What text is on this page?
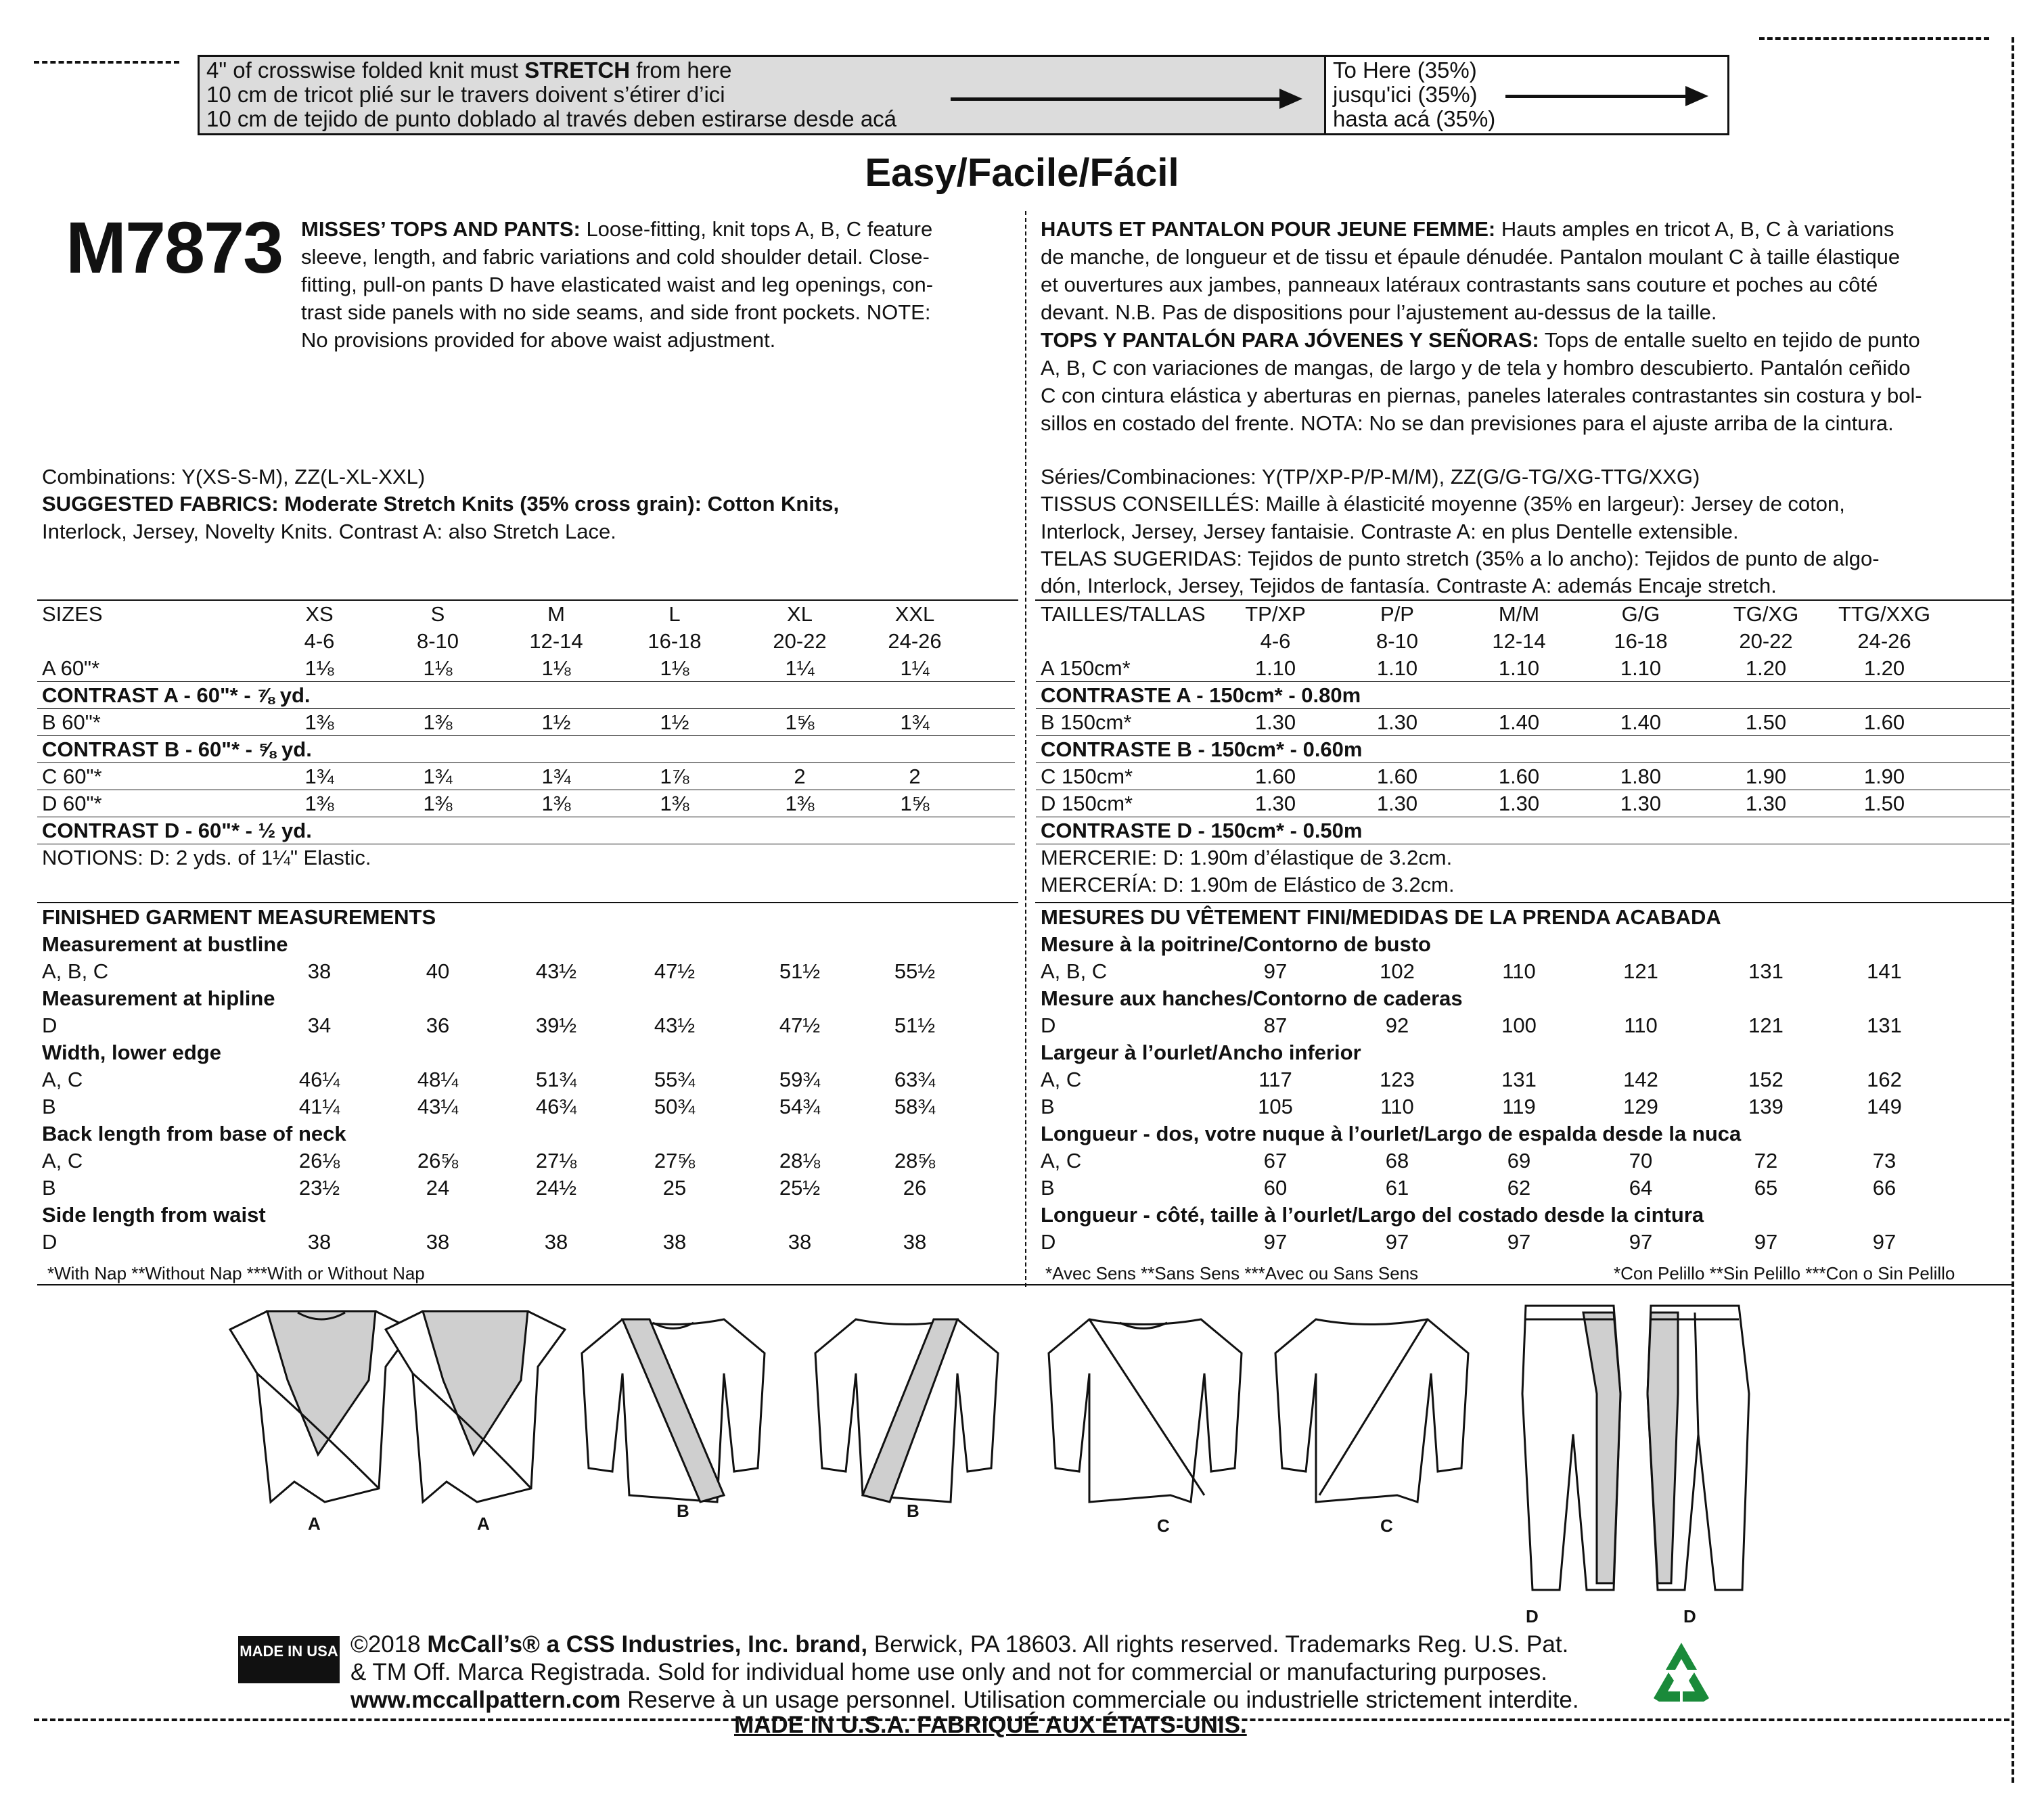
4" of crosswise folded knit must STRETCH from here
10 cm de tricot plié sur le travers doivent s’étirer d’ici
10 cm de tejido de punto doblado al través deben estirarse desde acá
To Here (35%)
jusqu'ici (35%)
hasta acá (35%)
Easy/Facile/Fácil
M7873 MISSES’ TOPS AND PANTS: Loose-fitting, knit tops A, B, C feature
sleeve, length, and fabric variations and cold shoulder detail. Close-
fitting, pull-on pants D have elasticated waist and leg openings, con-
trast side panels with no side seams, and side front pockets. NOTE:
No provisions provided for above waist adjustment.
HAUTS ET PANTALON POUR JEUNE FEMME: Hauts amples en tricot A, B, C à variations
de manche, de longueur et de tissu et épaule dénudée. Pantalon moulant C à taille élastique
et ouvertures aux jambes, panneaux latéraux contrastants sans couture et poches au côté
devant. N.B. Pas de dispositions pour l’ajustement au-dessus de la taille.
TOPS Y PANTALÓN PARA JÓVENES Y SEÑORAS: Tops de entalle suelto en tejido de punto
A, B, C con variaciones de mangas, de largo y de tela y hombro descubierto. Pantalón ceñido
C con cintura elástica y aberturas en piernas, paneles laterales contrastantes sin costura y bol-
sillos en costado del frente. NOTA: No se dan previsiones para el ajuste arriba de la cintura.
Combinations: Y(XS-S-M), ZZ(L-XL-XXL)
SUGGESTED FABRICS: Moderate Stretch Knits (35% cross grain): Cotton Knits,
Interlock, Jersey, Novelty Knits. Contrast A: also Stretch Lace.
SIZES	XS	S	M	L	XL	XXL
4-6	8-10	12-14	16-18	20-22	24-26
A 60"*	1⅛	1⅛	1⅛	1⅛	1¼	1¼
CONTRAST A - 60"* - ⅞ yd.
B 60"*	1⅜	1⅜	1½	1½	1⅝	1¾
CONTRAST B - 60"* - ⅝ yd.
C 60"*	1¾	1¾	1¾	1⅞	2	2
D 60"*	1⅜	1⅜	1⅜	1⅜	1⅜	1⅝
CONTRAST D - 60"* - ½ yd.
NOTIONS: D: 2 yds. of 1¼" Elastic.
FINISHED GARMENT MEASUREMENTS
Measurement at bustline
A, B, C	38	40	43½	47½	51½	55½
Measurement at hipline
D	34	36	39½	43½	47½	51½
Width, lower edge
A, C	46¼	48¼	51¾	55¾	59¾	63¾
B	41¼	43¼	46¾	50¾	54¾	58¾
Back length from base of neck
A, C	26⅛	26⅝	27⅛	27⅝	28⅛	28⅝
B	23½	24	24½	25	25½	26
Side length from waist
D	38	38	38	38	38	38
*With Nap **Without Nap ***With or Without Nap
Séries/Combinaciones: Y(TP/XP-P/P-M/M), ZZ(G/G-TG/XG-TTG/XXG)
TISSUS CONSEILLÉS: Maille à élasticité moyenne (35% en largeur): Jersey de coton,
Interlock, Jersey, Jersey fantaisie. Contraste A: en plus Dentelle extensible.
TELAS SUGERIDAS: Tejidos de punto stretch (35% a lo ancho): Tejidos de punto de algo-
dón, Interlock, Jersey, Tejidos de fantasía. Contraste A: además Encaje stretch.
TAILLES/TALLAS	TP/XP	P/P	M/M	G/G	TG/XG	TTG/XXG
4-6	8-10	12-14	16-18	20-22	24-26
A 150cm*	1.10	1.10	1.10	1.10	1.20	1.20
CONTRASTE A - 150cm* - 0.80m
B 150cm*	1.30	1.30	1.40	1.40	1.50	1.60
CONTRASTE B - 150cm* - 0.60m
C 150cm*	1.60	1.60	1.60	1.80	1.90	1.90
D 150cm*	1.30	1.30	1.30	1.30	1.30	1.50
CONTRASTE D - 150cm* - 0.50m
MERCERIE: D: 1.90m d’élastique de 3.2cm.
MERCERÍA: D: 1.90m de Elástico de 3.2cm.
MESURES DU VÊTEMENT FINI/MEDIDAS DE LA PRENDA ACABADA
Mesure à la poitrine/Contorno de busto
A, B, C	97	102	110	121	131	141
Mesure aux hanches/Contorno de caderas
D	87	92	100	110	121	131
Largeur à l’ourlet/Ancho inferior
A, C	117	123	131	142	152	162
B	105	110	119	129	139	149
Longueur - dos, votre nuque à l’ourlet/Largo de espalda desde la nuca
A, C	67	68	69	70	72	73
B	60	61	62	64	65	66
Longueur - côté, taille à l’ourlet/Largo del costado desde la cintura
D	97	97	97	97	97	97
*Avec Sens **Sans Sens ***Avec ou Sans Sens	*Con Pelillo **Sin Pelillo ***Con o Sin Pelillo
A	A
B	B
C	C
D	D
MADE IN USA ©2018 McCall’s® a CSS Industries, Inc. brand, Berwick, PA 18603. All rights reserved. Trademarks Reg. U.S. Pat.
& TM Off. Marca Registrada. Sold for individual home use only and not for commercial or manufacturing purposes.
www.mccallpattern.com Reserve à un usage personnel. Utilisation commerciale ou industrielle strictement interdite.
MADE IN U.S.A. FABRIQUÉ AUX ÉTATS-UNIS.
